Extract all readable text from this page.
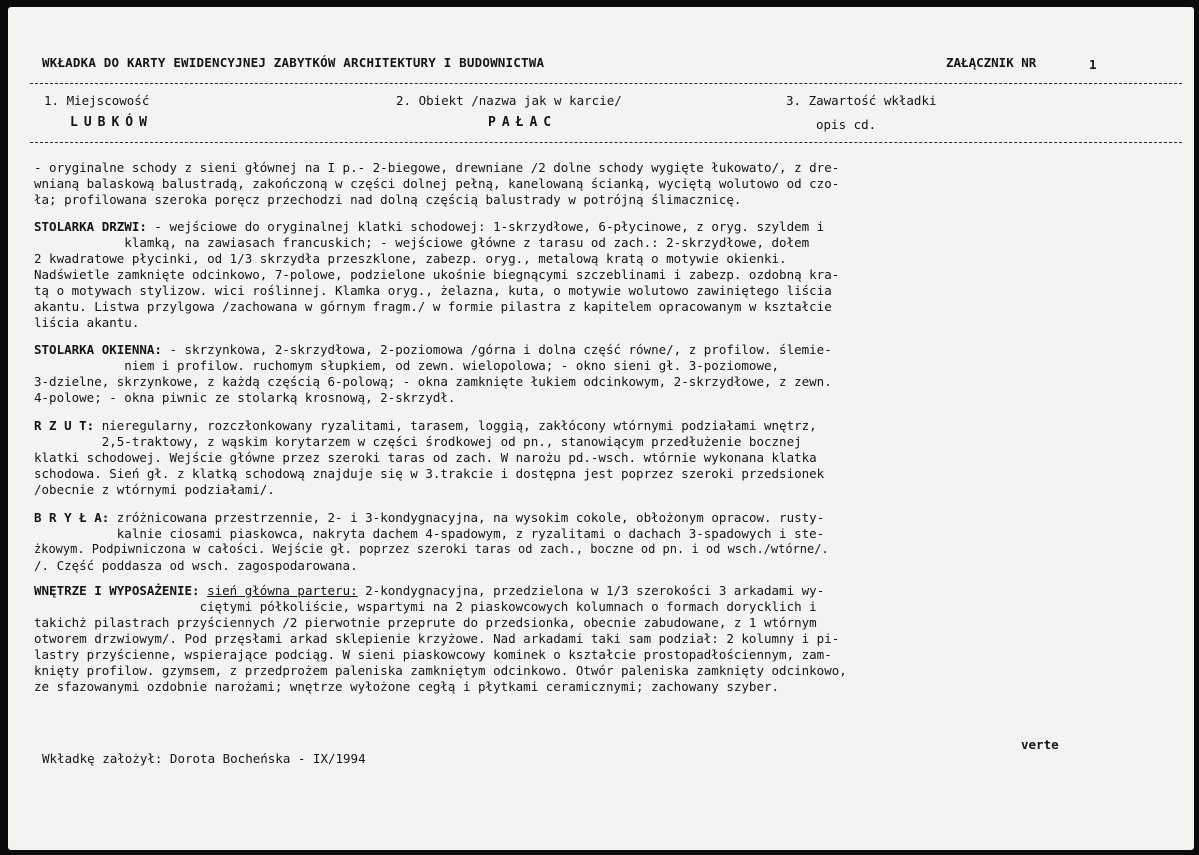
WKŁADKA DO KARTY EWIDENCYJNEJ ZABYTKÓW ARCHITEKTURY I BUDOWNICTWA	ZAŁĄCZNIK NR	1
1. Miejscowość
LUBKÓW
2. Obiekt /nazwa jak w karcie/
PAŁAC
3. Zawartość wkładki
opis cd.
- oryginalne schody z sieni głównej na I p.- 2-biegowe, drewniane /2 dolne schody wygięte łukowato/, z dre-
wnianą balaskową balustradą, zakończoną w części dolnej pełną, kanelowaną ścianką, wyciętą wolutowo od czo-
ła; profilowana szeroka poręcz przechodzi nad dolną częścią balustrady w potrójną ślimacznicę.
STOLARKA DRZWI: - wejściowe do oryginalnej klatki schodowej: 1-skrzydłowe, 6-płycinowe, z oryg. szyldem i
klamką, na zawiasach francuskich; - wejściowe główne z tarasu od zach.: 2-skrzydłowe, dołem
2 kwadratowe płycinki, od 1/3 skrzydła przeszklone, zabezp. oryg., metalową kratą o motywie okienki.
Nadświetle zamknięte odcinkowo, 7-polowe, podzielone ukośnie biegnącymi szczeblinami i zabezp. ozdobną kra-
tą o motywach stylizow. wici roślinnej. Klamka oryg., żelazna, kuta, o motywie wolutowo zawiniętego liścia
akantu. Listwa przylgowa /zachowana w górnym fragm./ w formie pilastra z kapitelem opracowanym w kształcie
liścia akantu.
STOLARKA OKIENNA: - skrzynkowa, 2-skrzydłowa, 2-poziomowa /górna i dolna część równe/, z profilow. ślemie-
niem i profilow. ruchomym słupkiem, od zewn. wielopolowa; - okno sieni gł. 3-poziomowe,
3-dzielne, skrzynkowe, z każdą częścią 6-polową; - okna zamknięte łukiem odcinkowym, 2-skrzydłowe, z zewn.
4-polowe; - okna piwnic ze stolarką krosnową, 2-skrzydł.
R Z U T: nieregularny, rozczłonkowany ryzalitami, tarasem, loggią, zakłócony wtórnymi podziałami wnętrz,
2,5-traktowy, z wąskim korytarzem w części środkowej od pn., stanowiącym przedłużenie bocznej
klatki schodowej. Wejście główne przez szeroki taras od zach. W narożu pd.-wsch. wtórnie wykonana klatka
schodowa. Sień gł. z klatką schodową znajduje się w 3.trakcie i dostępna jest poprzez szeroki przedsionek
/obecnie z wtórnymi podziałami/.
B R Y Ł A: zróżnicowana przestrzennie, 2- i 3-kondygnacyjna, na wysokim cokole, obłożonym opracow. rusty-
kalnie ciosami piaskowca, nakryta dachem 4-spadowym, z ryzalitami o dachach 3-spadowych i ste-
żkowym. Podpiwniczona w całości. Wejście gł. poprzez szeroki taras od zach., boczne od pn. i od wsch./wtórne/.
/. Część poddasza od wsch. zagospodarowana.
WNĘTRZE I WYPOSAŻENIE: sień główna parteru: 2-kondygnacyjna, przedzielona w 1/3 szerokości 3 arkadami wy-
ciętymi półkoliście, wspartymi na 2 piaskowcowych kolumnach o formach dorycklich i
takichż pilastrach przyściennych /2 pierwotnie przeprute do przedsionka, obecnie zabudowane, z 1 wtórnym
otworem drzwiowym/. Pod przęsłami arkad sklepienie krzyżowe. Nad arkadami taki sam podział: 2 kolumny i pi-
lastry przyścienne, wspierające podciąg. W sieni piaskowcowy kominek o kształcie prostopadłościennym, zam-
knięty profilow. gzymsem, z przedprożem paleniska zamkniętym odcinkowo. Otwór paleniska zamknięty odcinkowo,
ze sfazowanymi ozdobnie narożami; wnętrze wyłożone cegłą i płytkami ceramicznymi; zachowany szyber.
verte
Wkładkę założył: Dorota Bocheńska - IX/1994
